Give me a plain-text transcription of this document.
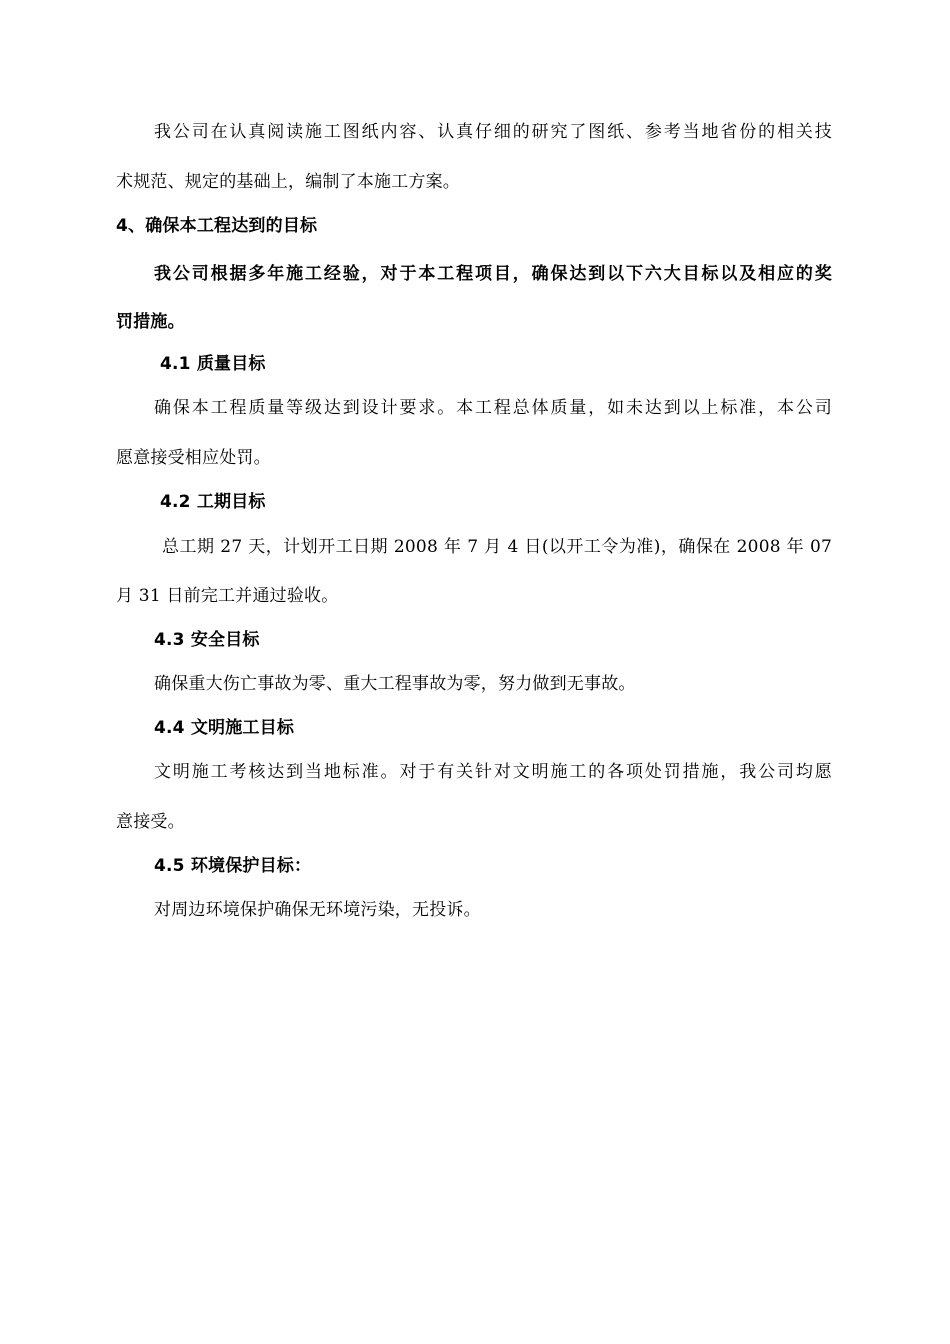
我公司在认真阅读施工图纸内容、认真仔细的研究了图纸、参考当地省份的相关技
术规范、规定的基础上，编制了本施工方案。
4、确保本工程达到的目标
我公司根据多年施工经验，对于本工程项目，确保达到以下六大目标以及相应的奖
罚措施。
4.1 质量目标
确保本工程质量等级达到设计要求。本工程总体质量，如未达到以上标准，本公司
愿意接受相应处罚。
4.2 工期目标
总工期 27 天，计划开工日期 2008 年 7 月 4 日(以开工令为准)，确保在 2008 年 07
月 31 日前完工并通过验收。
4.3 安全目标
确保重大伤亡事故为零、重大工程事故为零，努力做到无事故。
4.4 文明施工目标
文明施工考核达到当地标准。对于有关针对文明施工的各项处罚措施，我公司均愿
意接受。
4.5 环境保护目标：
对周边环境保护确保无环境污染，无投诉。
